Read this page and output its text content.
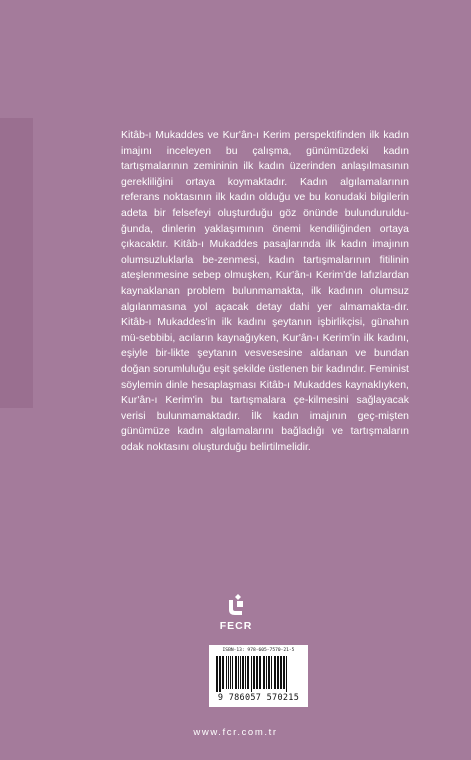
Kitâb-ı Mukaddes ve Kur'ân-ı Kerim perspektifinden ilk kadın imajını inceleyen bu çalışma, günümüzdeki kadın tartışmalarının zemininin ilk kadın üzerinden anlaşılmasının gerekliliğini ortaya koymaktadır. Kadın algılamalarının referans noktasının ilk kadın olduğu ve bu konudaki bilgilerin adeta bir felsefeyi oluşturduğu göz önünde bulunduruldu-ğunda, dinlerin yaklaşımının önemi kendiliğinden ortaya çıkacaktır. Kitâb-ı Mukaddes pasajlarında ilk kadın imajının olumsuzluklarla be-zenmesi, kadın tartışmalarının fitilinin ateşlenmesine sebep olmuşken, Kur'ân-ı Kerim'de lafızlardan kaynaklanan problem bulunmamakta, ilk kadının olumsuz algılanmasına yol açacak detay dahi yer almamakta-dır. Kitâb-ı Mukaddes'in ilk kadını şeytanın işbirlikçisi, günahın mü-sebbibi, acıların kaynağıyken, Kur'ân-ı Kerim'in ilk kadını, eşiyle bir-likte şeytanın vesvesesine aldanan ve bundan doğan sorumluluğu eşit şekilde üstlenen bir kadındır. Feminist söylemin dinle hesaplaşması Kitâb-ı Mukaddes kaynaklıyken, Kur'ân-ı Kerim'in bu tartışmalara çe-kilmesini sağlayacak verisi bulunmamaktadır. İlk kadın imajının geç-mişten günümüze kadın algılamalarını bağladığı ve tartışmaların odak noktasını oluşturduğu belirtilmelidir.

FECR
ISBN-13: 978-605-7570-21-5
9 786057 570215
www.fcr.com.tr
